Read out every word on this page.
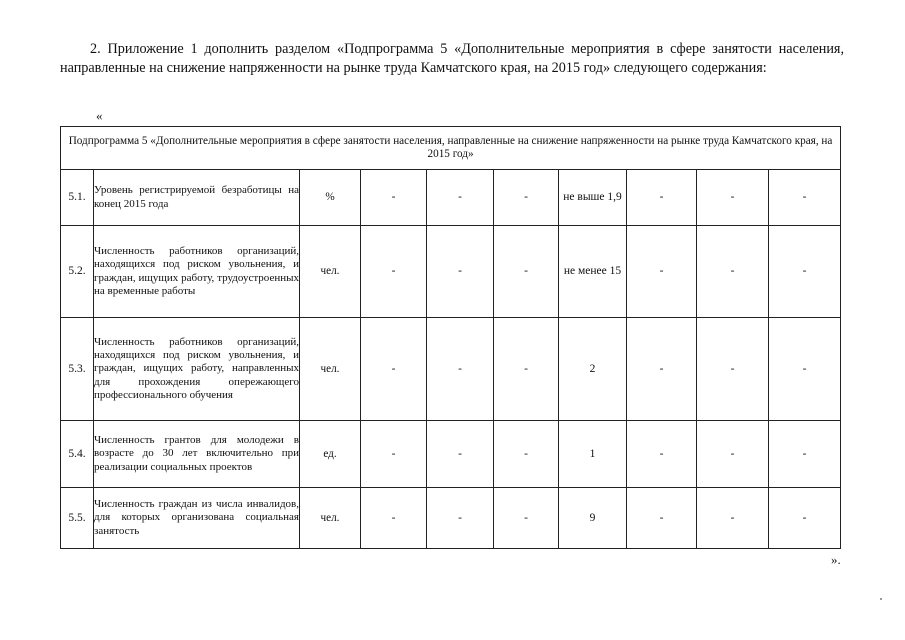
2. Приложение 1 дополнить разделом «Подпрограмма 5 «Дополнительные мероприятия в сфере занятости населения, направленные на снижение напряженности на рынке труда Камчатского края, на 2015 год» следующего содержания:

«
Подпрограмма 5 «Дополнительные мероприятия в сфере занятости населения, направленные на снижение напряженности на рынке труда Камчатского края, на 2015 год»									
5.1.	Уровень регистрируемой безработицы на конец 2015 года	%	-	-	-	не выше 1,9	-	-	-
5.2.	Численность работников организаций, находящихся под риском увольнения, и граждан, ищущих работу, трудоустроенных на временные работы	чел.	-	-	-	не менее 15	-	-	-
5.3.	Численность работников организаций, находящихся под риском увольнения, и граждан, ищущих работу, направленных для прохождения опережающего профессионального обучения	чел.	-	-	-	2	-	-	-
5.4.	Численность грантов для молодежи в возрасте до 30 лет включительно при реализации социальных проектов	ед.	-	-	-	1	-	-	-
5.5.	Численность граждан из числа инвалидов, для которых организована социальная занятость	чел.	-	-	-	9	-	-	-
».
